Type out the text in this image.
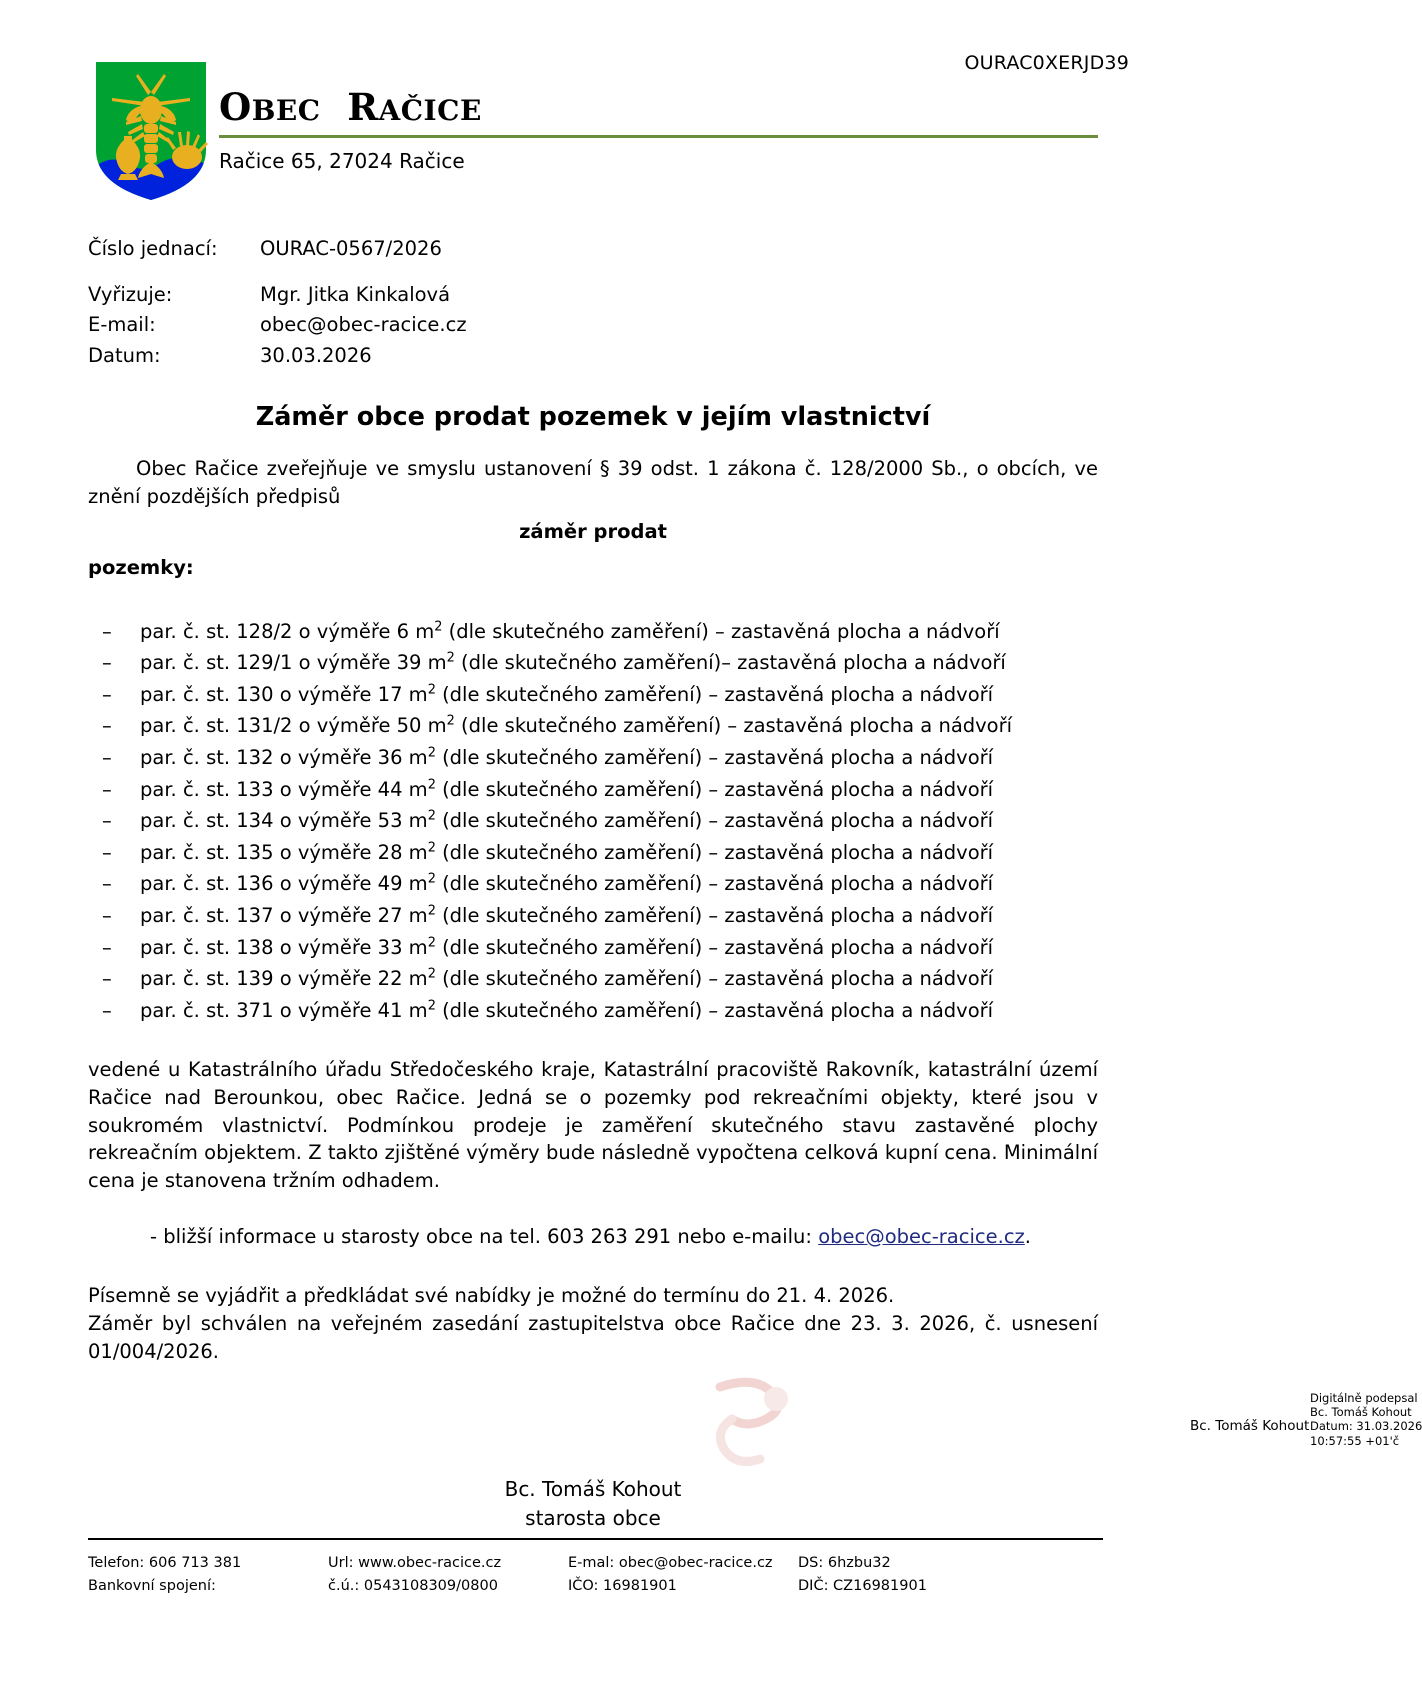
OURAC0XERJD39
OBEC RAČICE
Račice 65, 27024 Račice
Číslo jednací:	OURAC-0567/2026
Vyřizuje:	Mgr. Jitka Kinkalová
E-mail:	obec@obec-racice.cz
Datum:	30.03.2026
Záměr obce prodat pozemek v jejím vlastnictví

Obec Račice zveřejňuje ve smyslu ustanovení § 39 odst. 1 zákona č. 128/2000 Sb., o obcích, ve znění pozdějších předpisů

záměr prodat

pozemky:

– par. č. st. 128/2 o výměře 6 $m^2$ (dle skutečného zaměření) – zastavěná plocha a nádvoří
– par. č. st. 129/1 o výměře 39 $m^2$ (dle skutečného zaměření)– zastavěná plocha a nádvoří
– par. č. st. 130 o výměře 17 $m^2$ (dle skutečného zaměření) – zastavěná plocha a nádvoří
– par. č. st. 131/2 o výměře 50 $m^2$ (dle skutečného zaměření) – zastavěná plocha a nádvoří
– par. č. st. 132 o výměře 36 $m^2$ (dle skutečného zaměření) – zastavěná plocha a nádvoří
– par. č. st. 133 o výměře 44 $m^2$ (dle skutečného zaměření) – zastavěná plocha a nádvoří
– par. č. st. 134 o výměře 53 $m^2$ (dle skutečného zaměření) – zastavěná plocha a nádvoří
– par. č. st. 135 o výměře 28 $m^2$ (dle skutečného zaměření) – zastavěná plocha a nádvoří
– par. č. st. 136 o výměře 49 $m^2$ (dle skutečného zaměření) – zastavěná plocha a nádvoří
– par. č. st. 137 o výměře 27 $m^2$ (dle skutečného zaměření) – zastavěná plocha a nádvoří
– par. č. st. 138 o výměře 33 $m^2$ (dle skutečného zaměření) – zastavěná plocha a nádvoří
– par. č. st. 139 o výměře 22 $m^2$ (dle skutečného zaměření) – zastavěná plocha a nádvoří
– par. č. st. 371 o výměře 41 $m^2$ (dle skutečného zaměření) – zastavěná plocha a nádvoří

vedené u Katastrálního úřadu Středočeského kraje, Katastrální pracoviště Rakovník, katastrální území Račice nad Berounkou, obec Račice. Jedná se o pozemky pod rekreačními objekty, které jsou v soukromém vlastnictví. Podmínkou prodeje je zaměření skutečného stavu zastavěné plochy rekreačním objektem. Z takto zjištěné výměry bude následně vypočtena celková kupní cena. Minimální cena je stanovena tržním odhadem.

- bližší informace u starosty obce na tel. 603 263 291 nebo e-mailu: obec@obec-racice.cz.

Písemně se vyjádřit a předkládat své nabídky je možné do termínu do 21. 4. 2026.

Záměr byl schválen na veřejném zasedání zastupitelstva obce Račice dne 23. 3. 2026, č. usnesení 01/004/2026.

Bc. Tomáš Kohout
Digitálně podepsal
Bc. Tomáš Kohout
Datum: 31.03.2026
10:57:55 +01'č
Bc. Tomáš Kohout
starosta obce
Telefon: 606 713 381
Bankovní spojení:
Url: www.obec-racice.cz
č.ú.: 0543108309/0800
E-mal: obec@obec-racice.cz
IČO: 16981901
DS: 6hzbu32
DIČ: CZ16981901
